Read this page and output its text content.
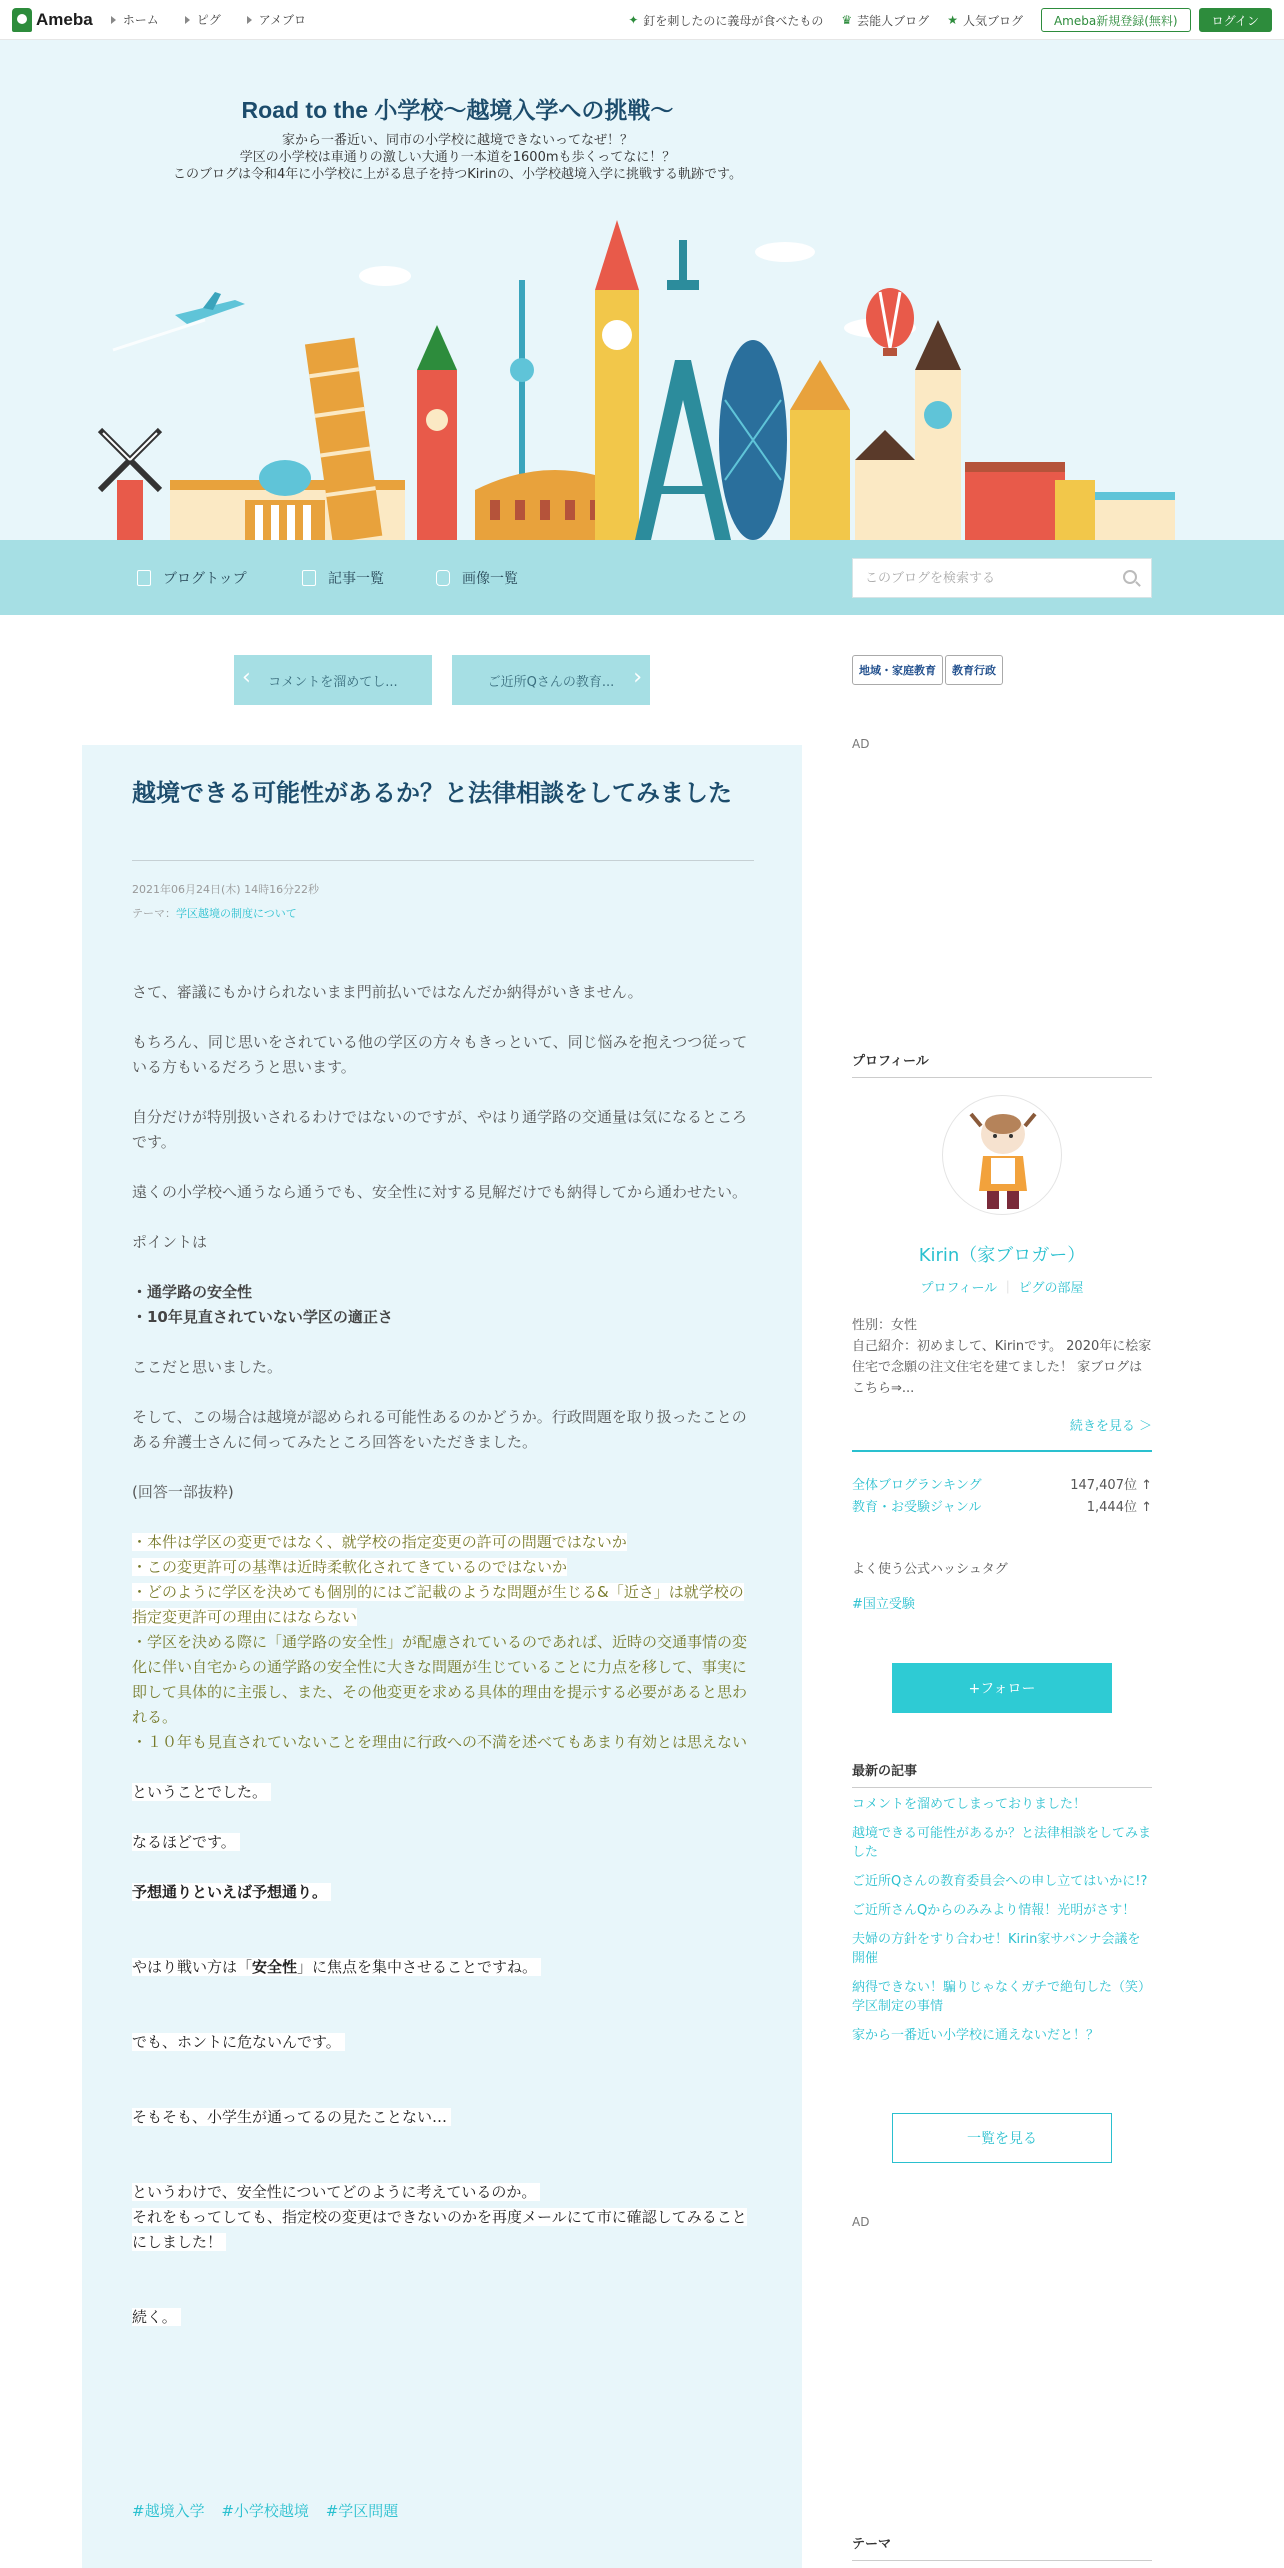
Ameba	ホーム	ピグ	アメブロ	✦ 釘を刺したのに義母が食べたもの ♛ 芸能人ブログ ★ 人気ブログ	Ameba新規登録(無料)	ログイン
Road to the 小学校〜越境入学への挑戦〜
家から一番近い、同市の小学校に越境できないってなぜ！？
学区の小学校は車通りの激しい大通り一本道を1600mも歩くってなに！？
このブログは令和4年に小学校に上がる息子を持つKirinの、小学校越境入学に挑戦する軌跡です。
ブログトップ	記事一覧	画像一覧
このブログを検索する
‹ コメントを溜めてし...	ご近所Qさんの教育... ›
越境できる可能性があるか？と法律相談をしてみました
2021年06月24日(木) 14時16分22秒
テーマ：学区越境の制度について

さて、審議にもかけられないまま門前払いではなんだか納得がいきません。

もちろん、同じ思いをされている他の学区の方々もきっといて、同じ悩みを抱えつつ従っている方もいるだろうと思います。

自分だけが特別扱いされるわけではないのですが、やはり通学路の交通量は気になるところです。

遠くの小学校へ通うなら通うでも、安全性に対する見解だけでも納得してから通わせたい。

ポイントは

・通学路の安全性
・10年見直されていない学区の適正さ

ここだと思いました。

そして、この場合は越境が認められる可能性あるのかどうか。行政問題を取り扱ったことのある弁護士さんに伺ってみたところ回答をいただきました。

(回答一部抜粋)

・本件は学区の変更ではなく、就学校の指定変更の許可の問題ではないか
・この変更許可の基準は近時柔軟化されてきているのではないか
・どのように学区を決めても個別的にはご記載のような問題が生じる&「近さ」は就学校の指定変更許可の理由にはならない
・学区を決める際に「通学路の安全性」が配慮されているのであれば、近時の交通事情の変化に伴い自宅からの通学路の安全性に大きな問題が生じていることに力点を移して、事実に即して具体的に主張し、また、その他変更を求める具体的理由を提示する必要があると思われる。
・１０年も見直されていないことを理由に行政への不満を述べてもあまり有効とは思えない

ということでした。

なるほどです。

予想通りといえば予想通り。

やはり戦い方は「安全性」に焦点を集中させることですね。

でも、ホントに危ないんです。

そもそも、小学生が通ってるの見たことない…

というわけで、安全性についてどのように考えているのか。
それをもってしても、指定校の変更はできないのかを再度メールにて市に確認してみることにしました！

続く。

#越境入学 #小学校越境 #学区問題
地域・家庭教育	教育行政
AD
プロフィール
Kirin（家ブロガー）
プロフィール ｜ ピグの部屋
性別：女性
自己紹介：初めまして、Kirinです。 2020年に桧家住宅で念願の注文住宅を建てました！ 家ブログはこちら⇒...
続きを見る ＞
全体ブログランキング	147,407位 ↑
教育・お受験ジャンル	1,444位 ↑
よく使う公式ハッシュタグ
#国立受験
+フォロー
最新の記事
コメントを溜めてしまっておりました！
越境できる可能性があるか？と法律相談をしてみました
ご近所Qさんの教育委員会への申し立てはいかに!?
ご近所さんQからのみみより情報！光明がさす！
夫婦の方針をすり合わせ！Kirin家サバンナ会議を開催
納得できない！騙りじゃなくガチで絶句した（笑）学区制定の事情
家から一番近い小学校に通えないだと！？
一覧を見る
AD
テーマ
